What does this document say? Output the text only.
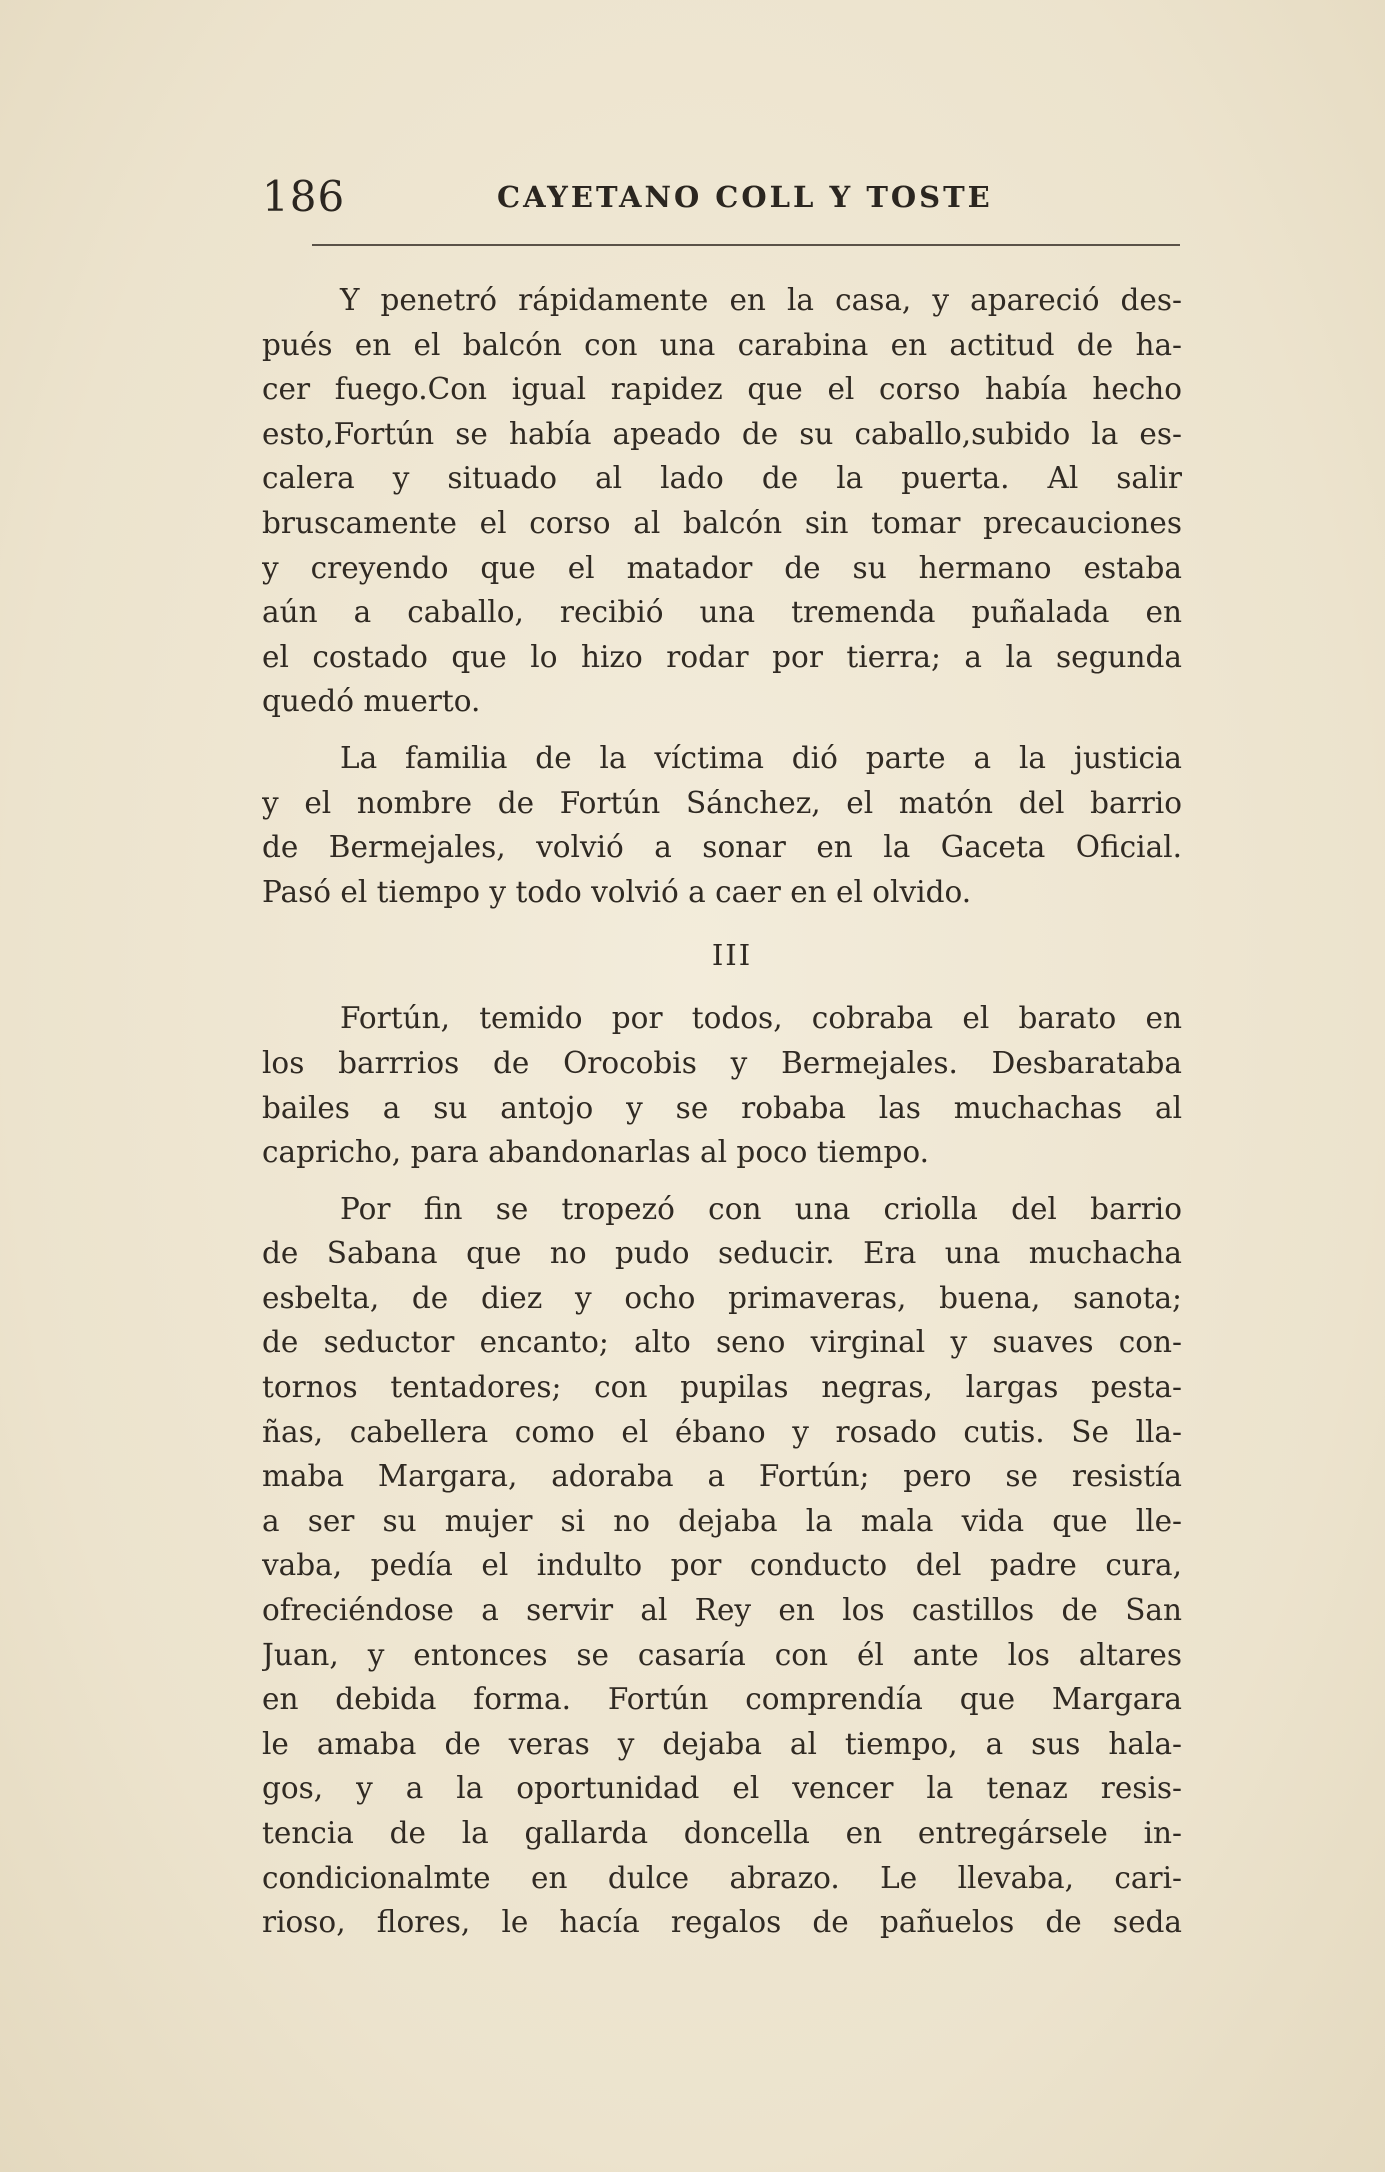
186	CAYETANO COLL Y TOSTE
Y penetró rápidamente en la casa, y apareció des-
pués en el balcón con una carabina en actitud de ha-
cer fuego.Con igual rapidez que el corso había hecho
esto,Fortún se había apeado de su caballo,subido la es-
calera y situado al lado de la puerta. Al salir
bruscamente el corso al balcón sin tomar precauciones
y creyendo que el matador de su hermano estaba
aún a caballo, recibió una tremenda puñalada en
el costado que lo hizo rodar por tierra; a la segunda
quedó muerto.
La familia de la víctima dió parte a la justicia
y el nombre de Fortún Sánchez, el matón del barrio
de Bermejales, volvió a sonar en la Gaceta Oficial.
Pasó el tiempo y todo volvió a caer en el olvido.
III
Fortún, temido por todos, cobraba el barato en
los barrrios de Orocobis y Bermejales. Desbarataba
bailes a su antojo y se robaba las muchachas al
capricho, para abandonarlas al poco tiempo.
Por fin se tropezó con una criolla del barrio
de Sabana que no pudo seducir. Era una muchacha
esbelta, de diez y ocho primaveras, buena, sanota;
de seductor encanto; alto seno virginal y suaves con-
tornos tentadores; con pupilas negras, largas pesta-
ñas, cabellera como el ébano y rosado cutis. Se lla-
maba Margara, adoraba a Fortún; pero se resistía
a ser su mujer si no dejaba la mala vida que lle-
vaba, pedía el indulto por conducto del padre cura,
ofreciéndose a servir al Rey en los castillos de San
Juan, y entonces se casaría con él ante los altares
en debida forma. Fortún comprendía que Margara
le amaba de veras y dejaba al tiempo, a sus hala-
gos, y a la oportunidad el vencer la tenaz resis-
tencia de la gallarda doncella en entregársele in-
condicionalmte en dulce abrazo. Le llevaba, cari-
rioso, flores, le hacía regalos de pañuelos de seda
